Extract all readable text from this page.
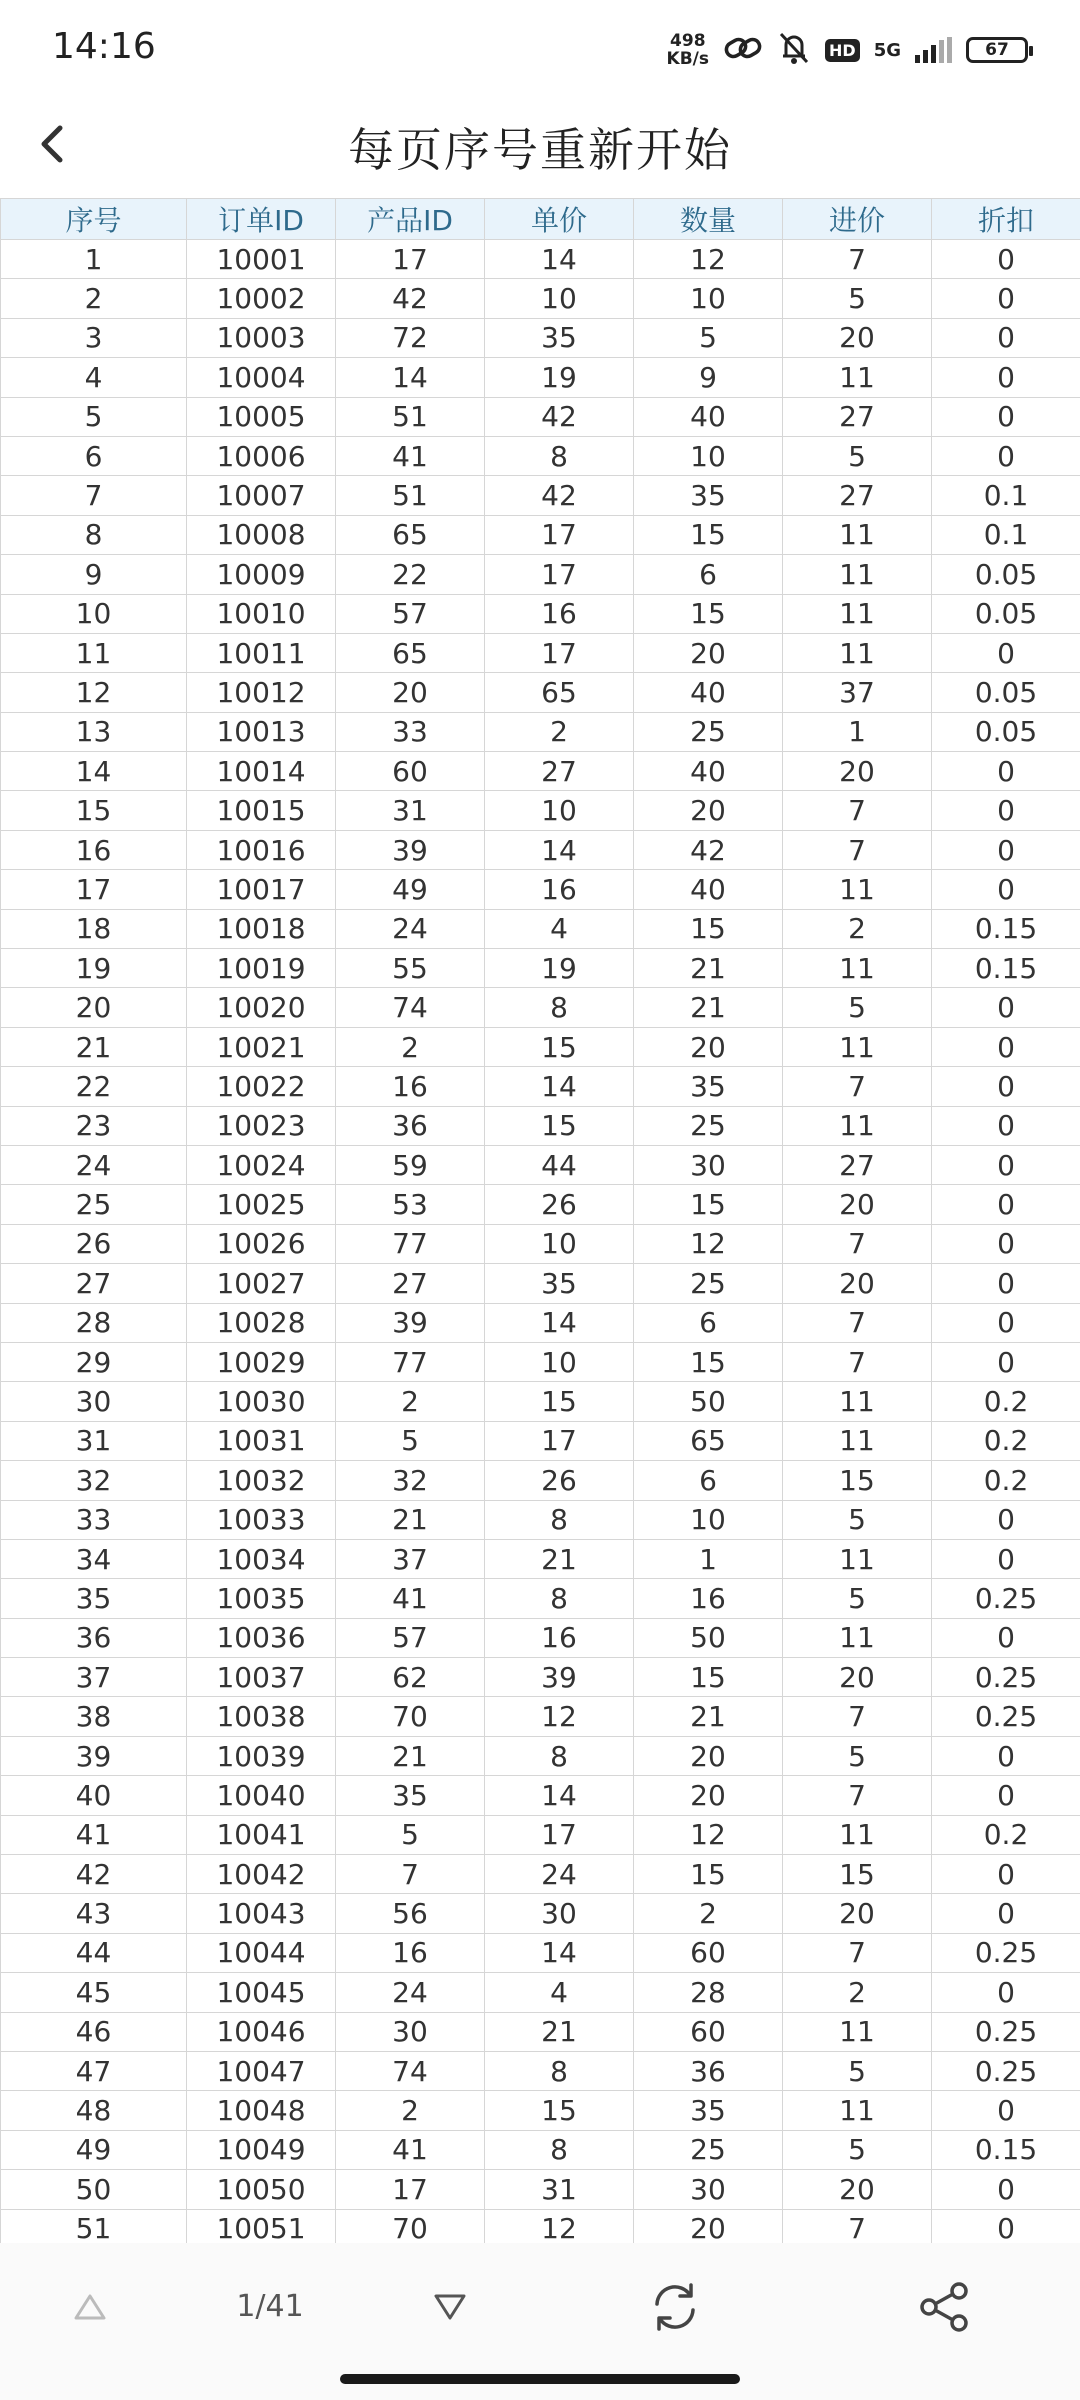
14:16	498
KB/s	HD 5G	67
每页序号重新开始
序号	订单ID	产品ID	单价	数量	进价	折扣
1	10001	17	14	12	7	0
2	10002	42	10	10	5	0
3	10003	72	35	5	20	0
4	10004	14	19	9	11	0
5	10005	51	42	40	27	0
6	10006	41	8	10	5	0
7	10007	51	42	35	27	0.1
8	10008	65	17	15	11	0.1
9	10009	22	17	6	11	0.05
10	10010	57	16	15	11	0.05
11	10011	65	17	20	11	0
12	10012	20	65	40	37	0.05
13	10013	33	2	25	1	0.05
14	10014	60	27	40	20	0
15	10015	31	10	20	7	0
16	10016	39	14	42	7	0
17	10017	49	16	40	11	0
18	10018	24	4	15	2	0.15
19	10019	55	19	21	11	0.15
20	10020	74	8	21	5	0
21	10021	2	15	20	11	0
22	10022	16	14	35	7	0
23	10023	36	15	25	11	0
24	10024	59	44	30	27	0
25	10025	53	26	15	20	0
26	10026	77	10	12	7	0
27	10027	27	35	25	20	0
28	10028	39	14	6	7	0
29	10029	77	10	15	7	0
30	10030	2	15	50	11	0.2
31	10031	5	17	65	11	0.2
32	10032	32	26	6	15	0.2
33	10033	21	8	10	5	0
34	10034	37	21	1	11	0
35	10035	41	8	16	5	0.25
36	10036	57	16	50	11	0
37	10037	62	39	15	20	0.25
38	10038	70	12	21	7	0.25
39	10039	21	8	20	5	0
40	10040	35	14	20	7	0
41	10041	5	17	12	11	0.2
42	10042	7	24	15	15	0
43	10043	56	30	2	20	0
44	10044	16	14	60	7	0.25
45	10045	24	4	28	2	0
46	10046	30	21	60	11	0.25
47	10047	74	8	36	5	0.25
48	10048	2	15	35	11	0
49	10049	41	8	25	5	0.15
50	10050	17	31	30	20	0
51	10051	70	12	20	7	0
1/41
